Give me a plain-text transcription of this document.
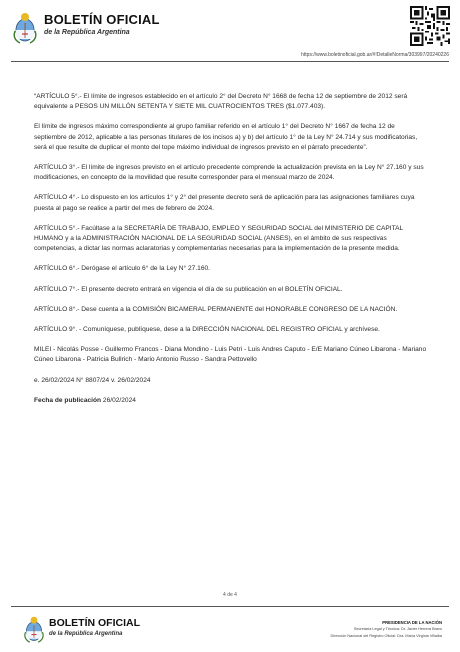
BOLETÍN OFICIAL
de la República Argentina
https://www.boletinoficial.gob.ar/#!DetalleNorma/303997/20240226

“ARTÍCULO 5°.- El límite de ingresos establecido en el artículo 2° del Decreto N° 1668 de fecha 12 de septiembre de 2012 será equivalente a PESOS UN MILLÓN SETENTA Y SIETE MIL CUATROCIENTOS TRES ($1.077.403).

El límite de ingresos máximo correspondiente al grupo familiar referido en el artículo 1° del Decreto N° 1667 de fecha 12 de septiembre de 2012, aplicable a las personas titulares de los incisos a) y b) del artículo 1° de la Ley N° 24.714 y sus modificatorias, será el que resulte de duplicar el monto del tope máximo individual de ingresos previsto en el párrafo precedente”.

ARTÍCULO 3°.- El límite de ingresos previsto en el artículo precedente comprende la actualización prevista en la Ley N° 27.160 y sus modificaciones, en concepto de la movilidad que resulte corresponder para el mensual marzo de 2024.

ARTÍCULO 4°.- Lo dispuesto en los artículos 1° y 2° del presente decreto será de aplicación para las asignaciones familiares cuya puesta al pago se realice a partir del mes de febrero de 2024.

ARTÍCULO 5°.- Facúltase a la SECRETARÍA DE TRABAJO, EMPLEO Y SEGURIDAD SOCIAL del MINISTERIO DE CAPITAL HUMANO y a la ADMINISTRACIÓN NACIONAL DE LA SEGURIDAD SOCIAL (ANSES), en el ámbito de sus respectivas competencias, a dictar las normas aclaratorias y complementarias necesarias para la implementación de la presente medida.

ARTÍCULO 6°.- Derógase el artículo 6° de la Ley N° 27.160.

ARTÍCULO 7°.- El presente decreto entrará en vigencia el día de su publicación en el BOLETÍN OFICIAL.

ARTÍCULO 8°.- Dese cuenta a la COMISIÓN BICAMERAL PERMANENTE del HONORABLE CONGRESO DE LA NACIÓN.

ARTÍCULO 9°. - Comuníquese, publíquese, dese a la DIRECCIÓN NACIONAL DEL REGISTRO OFICIAL y archívese.

MILEI - Nicolás Posse - Guillermo Francos - Diana Mondino - Luis Petri - Luis Andres Caputo - E/E Mariano Cúneo Libarona - Mariano Cúneo Libarona - Patricia Bullrich - Mario Antonio Russo - Sandra Pettovello

e. 26/02/2024 N° 8807/24 v. 26/02/2024

Fecha de publicación 26/02/2024

4 de 4
BOLETÍN OFICIAL
de la República Argentina
PRESIDENCIA DE LA NACIÓN
Secretaría Legal y Técnica: Dr. Javier Herrera Bravo
Dirección Nacional del Registro Oficial: Dra. María Virginia Villalba
